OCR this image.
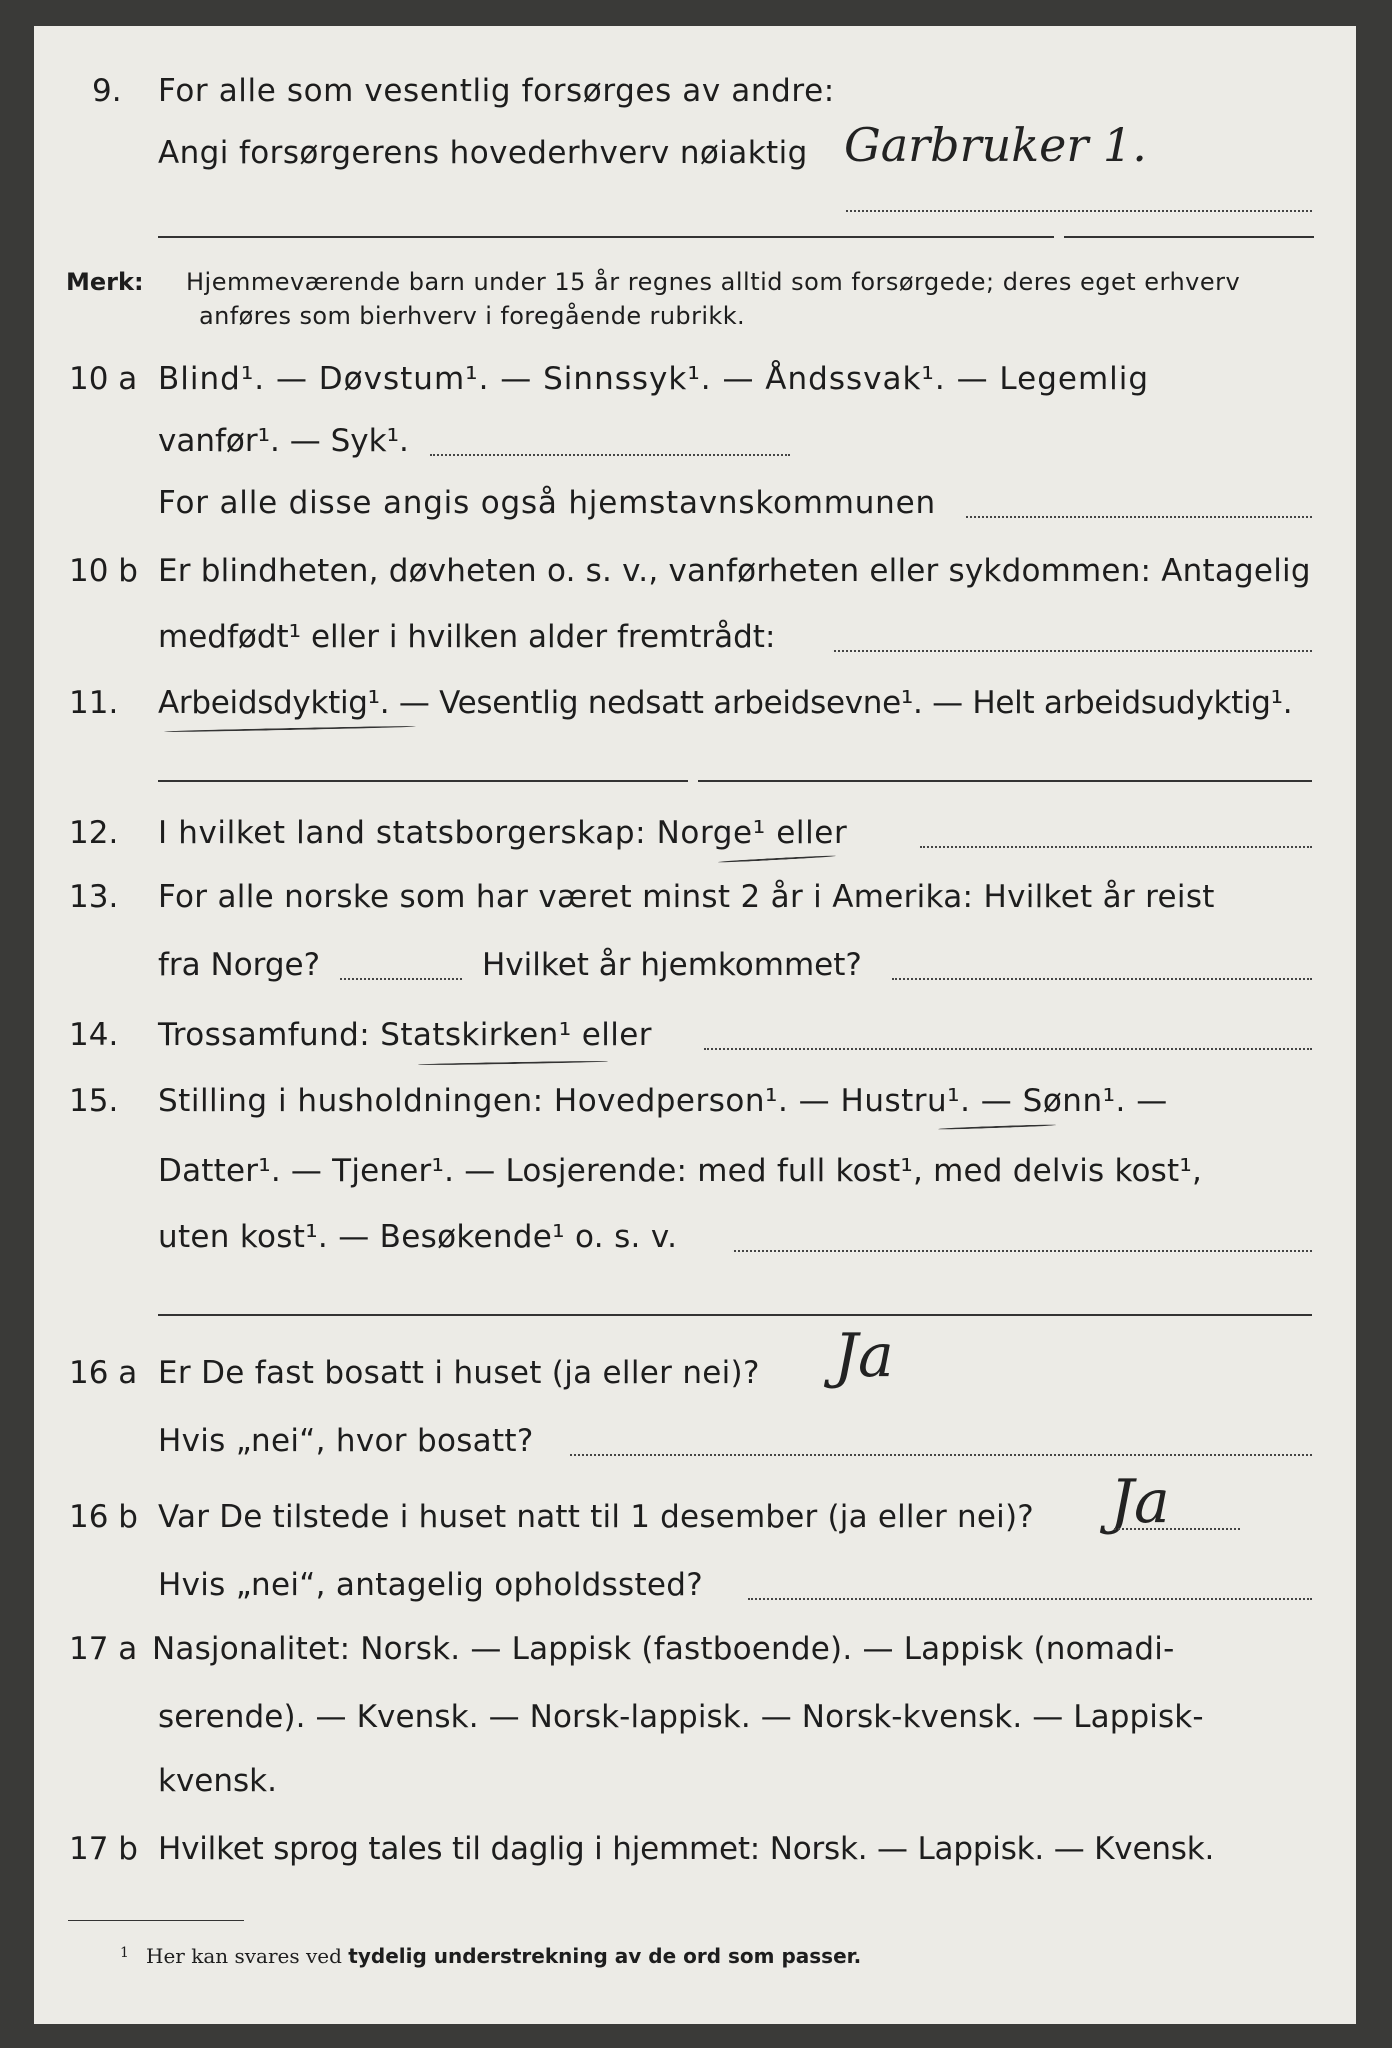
9. For alle som vesentlig forsørges av andre:
Angi forsørgerens hovederhverv nøiaktig Garbruker 1.
Merk: Hjemmeværende barn under 15 år regnes alltid som forsørgede; deres eget erhverv
anføres som bierhverv i foregående rubrikk.
10 a Blind¹. — Døvstum¹. — Sinnssyk¹. — Åndssvak¹. — Legemlig
vanfør¹. — Syk¹.
For alle disse angis også hjemstavnskommunen
10 b Er blindheten, døvheten o. s. v., vanførheten eller sykdommen: Antagelig
medfødt¹ eller i hvilken alder fremtrådt:
11. Arbeidsdyktig¹. — Vesentlig nedsatt arbeidsevne¹. — Helt arbeidsudyktig¹.
12. I hvilket land statsborgerskap: Norge¹ eller
13. For alle norske som har været minst 2 år i Amerika: Hvilket år reist
fra Norge?	Hvilket år hjemkommet?
14. Trossamfund: Statskirken¹ eller
15. Stilling i husholdningen: Hovedperson¹. — Hustru¹. — Sønn¹. —
Datter¹. — Tjener¹. — Losjerende: med full kost¹, med delvis kost¹,
uten kost¹. — Besøkende¹ o. s. v.
16 a Er De fast bosatt i huset (ja eller nei)? Ja
Hvis „nei“, hvor bosatt?
16 b Var De tilstede i huset natt til 1 desember (ja eller nei)? Ja
Hvis „nei“, antagelig opholdssted?
17 a Nasjonalitet: Norsk. — Lappisk (fastboende). — Lappisk (nomadi-
serende). — Kvensk. — Norsk-lappisk. — Norsk-kvensk. — Lappisk-
kvensk.
17 b Hvilket sprog tales til daglig i hjemmet: Norsk. — Lappisk. — Kvensk.
1 Her kan svares ved tydelig understrekning av de ord som passer.
